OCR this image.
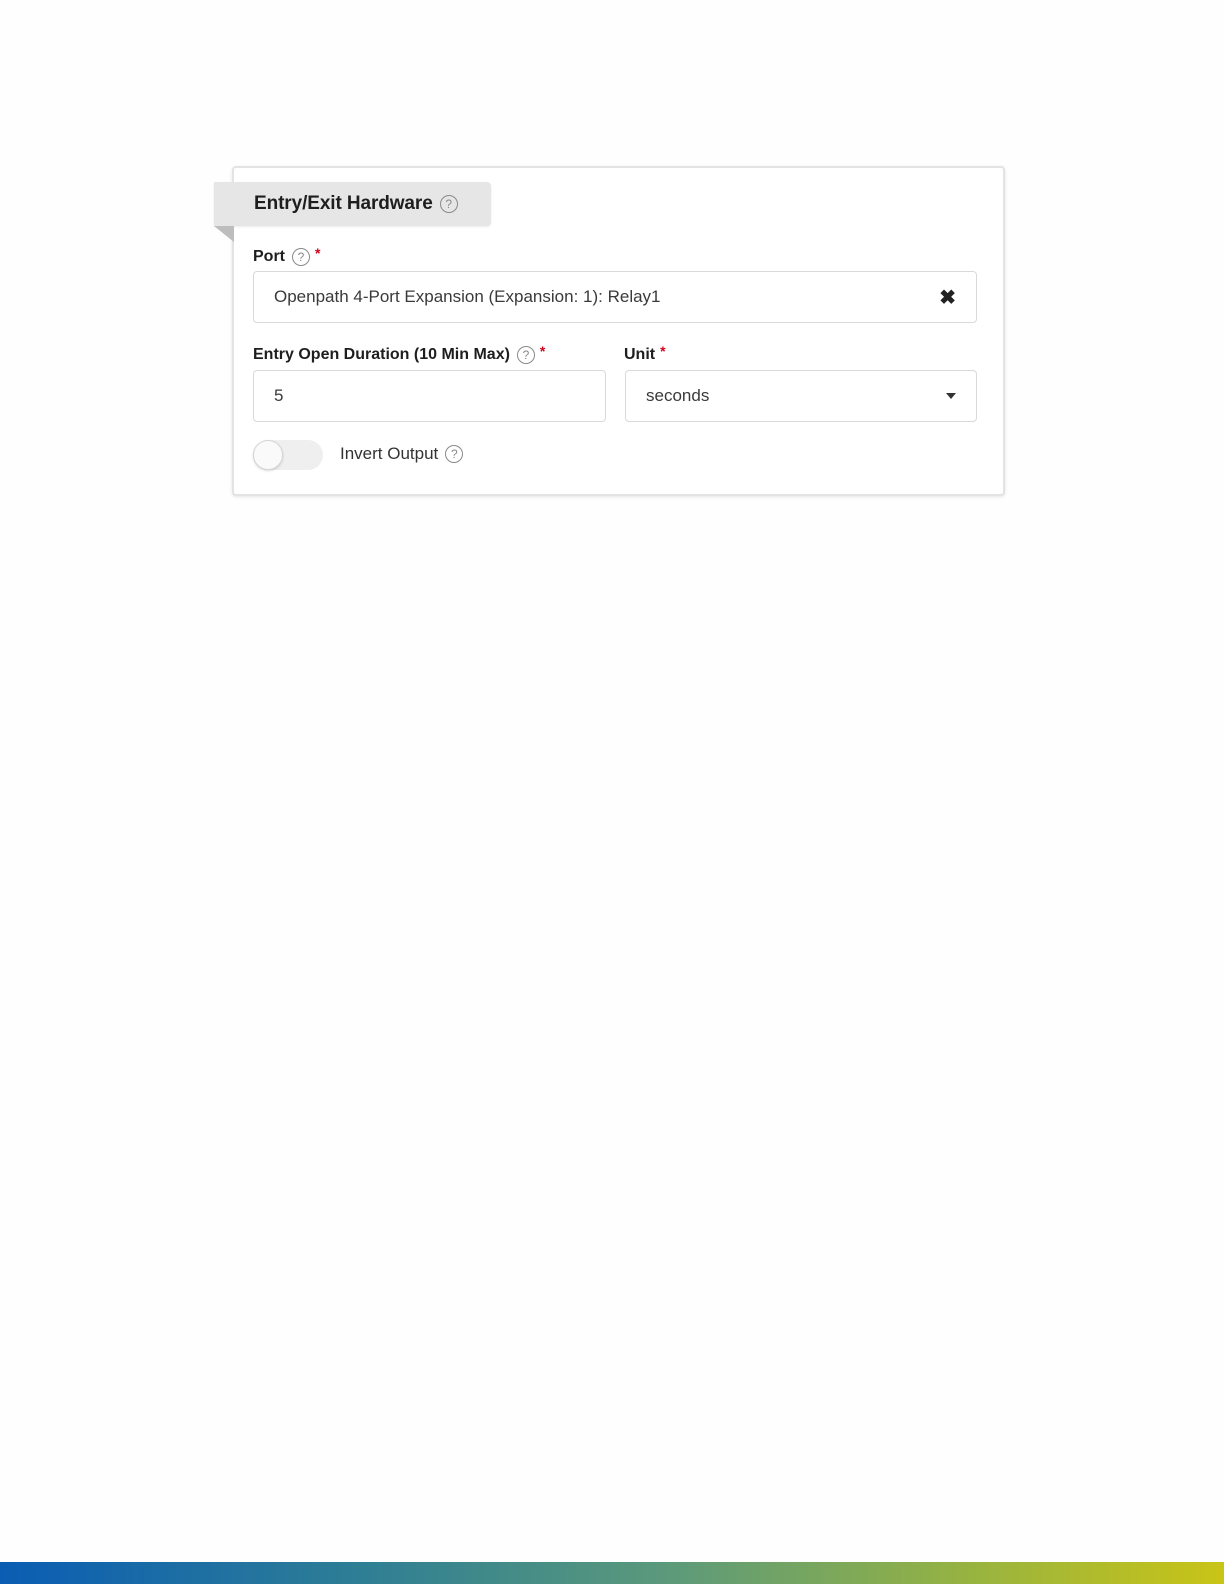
Entry/Exit Hardware	?
Port	? *
Openpath 4-Port Expansion (Expansion: 1): Relay1	✖
Entry Open Duration (10 Min Max)	? *
5
Unit *
seconds
Invert Output	?
